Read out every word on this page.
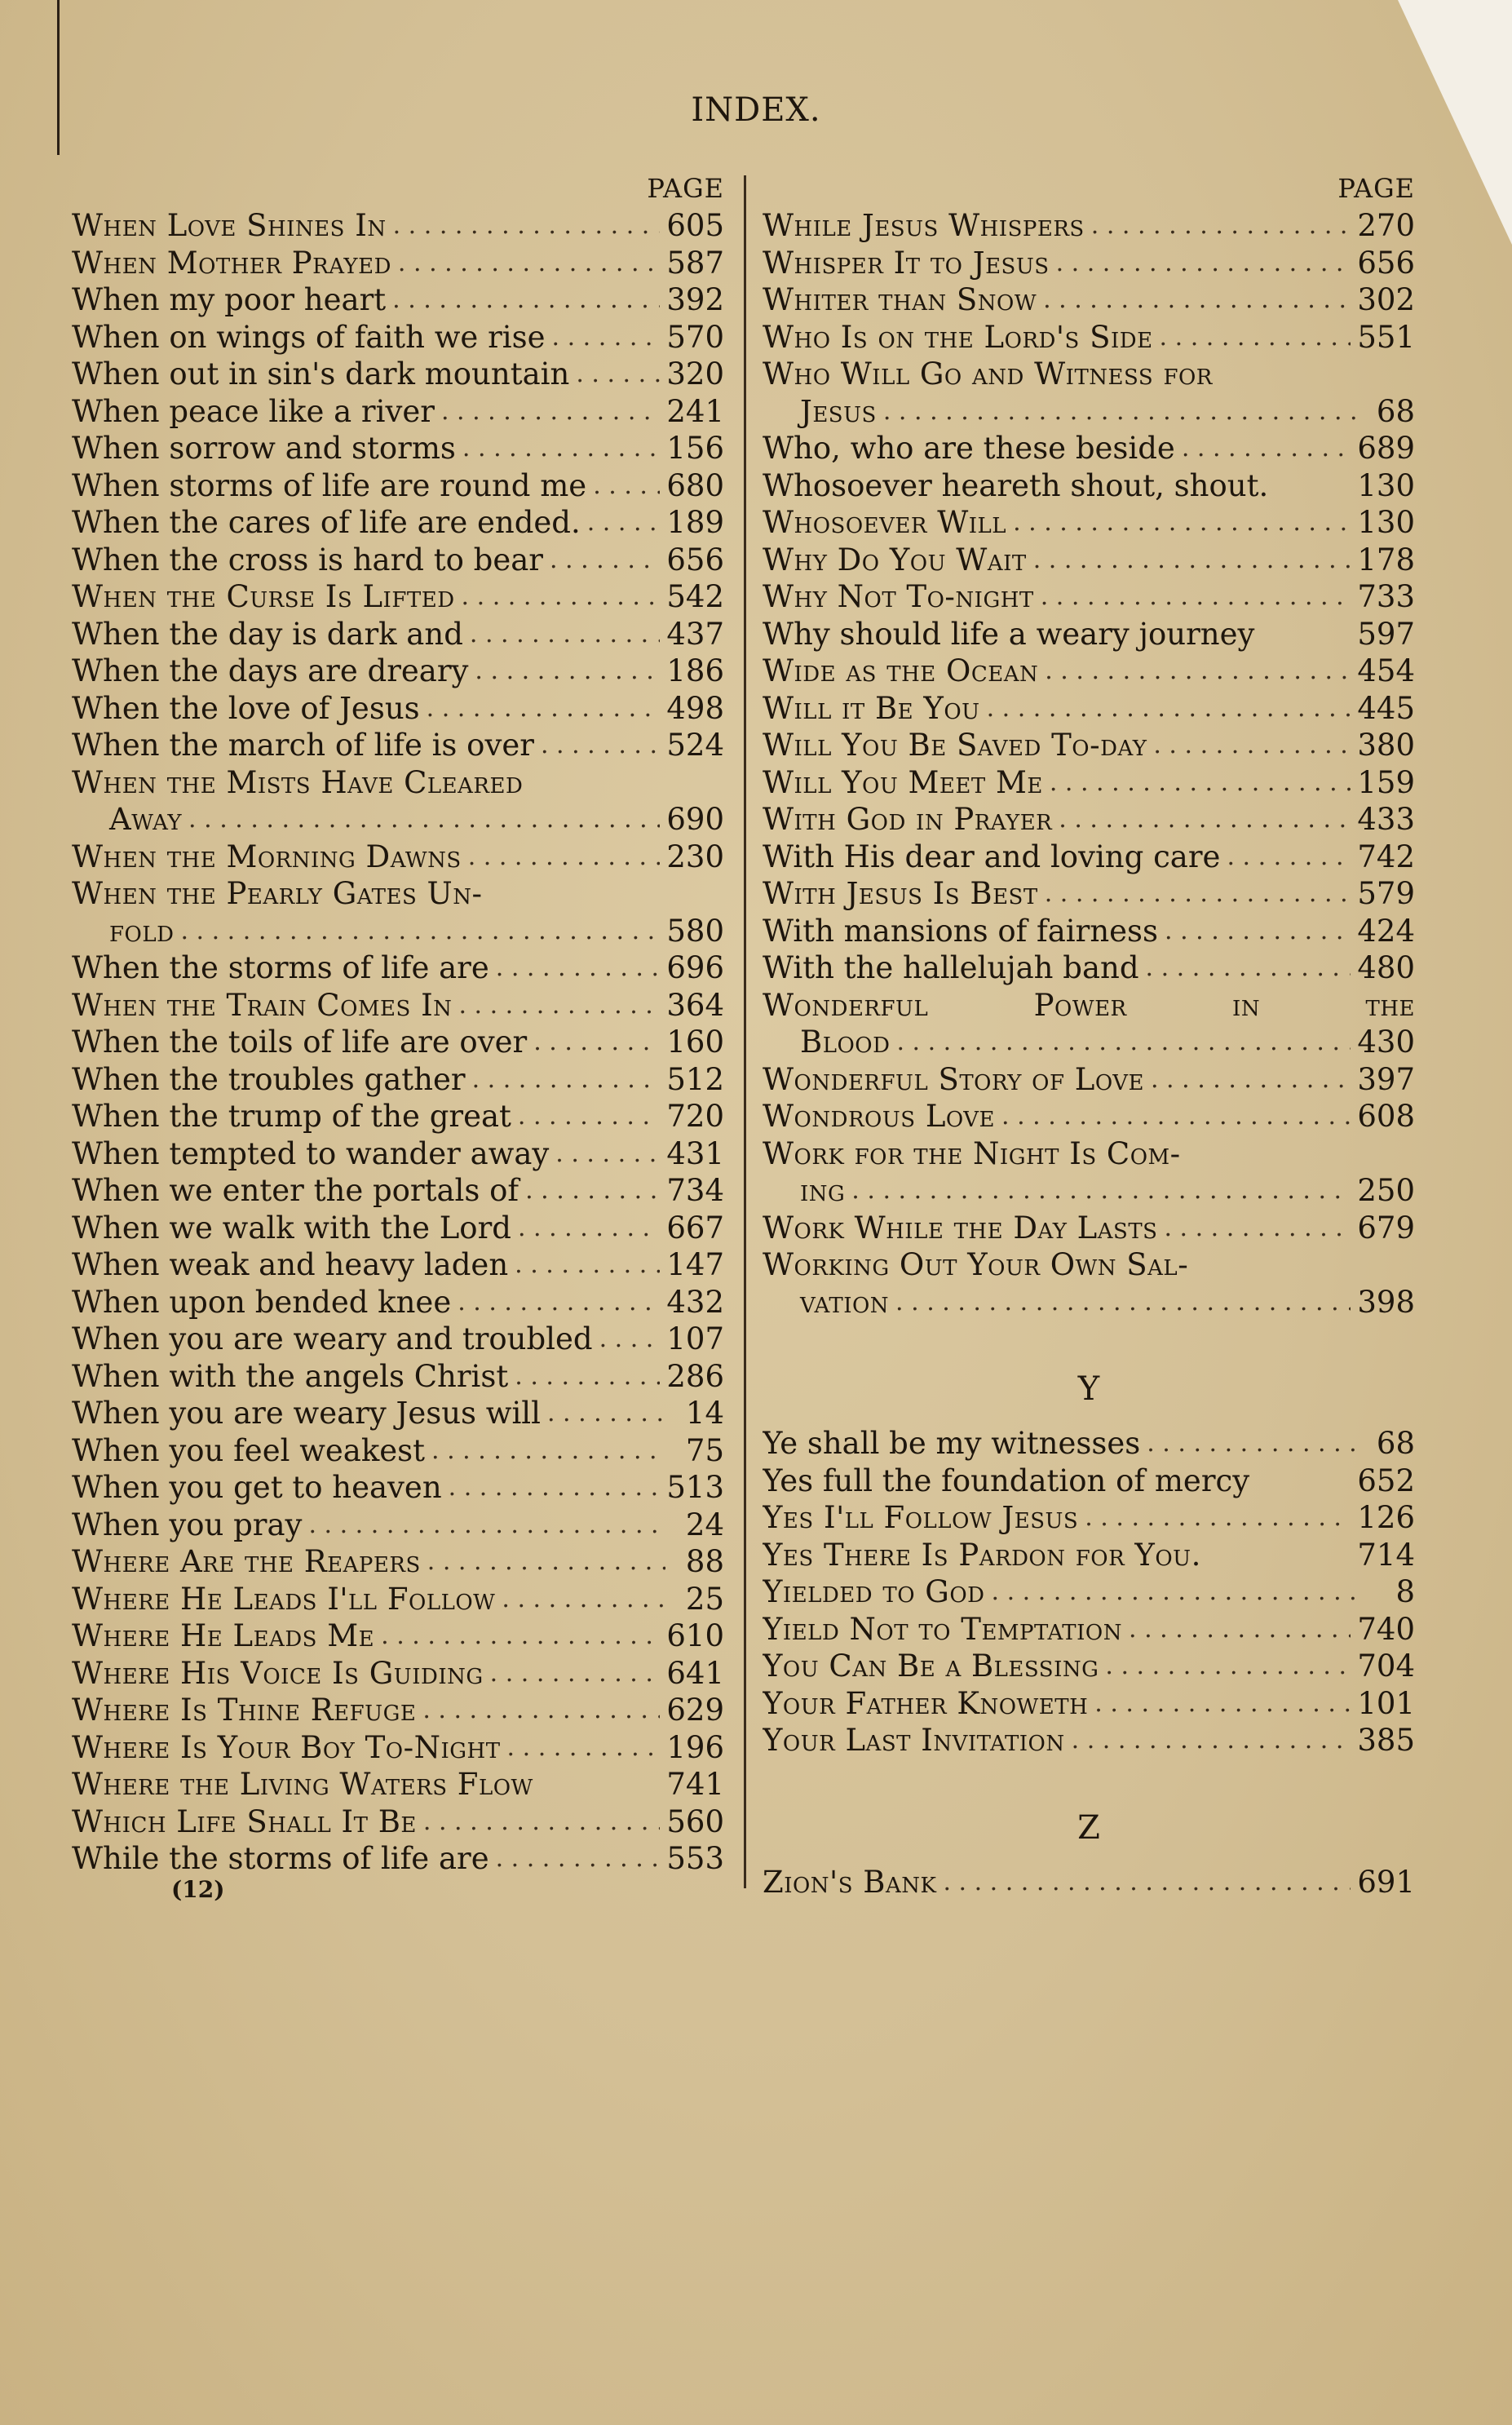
INDEX.
PAGE
When Love Shines In . . .	605
When Mother Prayed . . .	587
When my poor heart . . .	392
When on wings of faith we rise . . .	570
When out in sin's dark mountain . . .	320
When peace like a river . . .	241
When sorrow and storms . . .	156
When storms of life are round me . . .	680
When the cares of life are ended. . . .	189
When the cross is hard to bear . . .	656
When the Curse Is Lifted . . .	542
When the day is dark and . . .	437
When the days are dreary . . .	186
When the love of Jesus . . .	498
When the march of life is over . . .	524
When the Mists Have Cleared
Away . . .	690
When the Morning Dawns . . .	230
When the Pearly Gates Un-
fold . . .	580
When the storms of life are . . .	696
When the Train Comes In . . .	364
When the toils of life are over . . .	160
When the troubles gather . . .	512
When the trump of the great . . .	720
When tempted to wander away . . .	431
When we enter the portals of . . .	734
When we walk with the Lord . . .	667
When weak and heavy laden . . .	147
When upon bended knee . . .	432
When you are weary and troubled . . . 107
When with the angels Christ . . .	286
When you are weary Jesus will . . .	14
When you feel weakest . . .	75
When you get to heaven . . .	513
When you pray . . .	24
Where Are the Reapers . . .	88
Where He Leads I'll Follow . . .	25
Where He Leads Me . . .	610
Where His Voice Is Guiding . . .	641
Where Is Thine Refuge . . .	629
Where Is Your Boy To-Night . . .	196
Where the Living Waters Flow	741
Which Life Shall It Be . . .	560
While the storms of life are . . .	553
PAGE
While Jesus Whispers . . .	270
Whisper It to Jesus . . .	656
Whiter than Snow . . .	302
Who Is on the Lord's Side . . .	551
Who Will Go and Witness for
Jesus . . .	68
Who, who are these beside . . .	689
Whosoever heareth shout, shout.	130
Whosoever Will . . .	130
Why Do You Wait . . .	178
Why Not To-night . . .	733
Why should life a weary journey	597
Wide as the Ocean . . .	454
Will it Be You . . .	445
Will You Be Saved To-day . . .	380
Will You Meet Me . . .	159
With God in Prayer . . .	433
With His dear and loving care . . .	742
With Jesus Is Best . . .	579
With mansions of fairness . . .	424
With the hallelujah band . . .	480
Wonderful Power in the
Blood . . .	430
Wonderful Story of Love . . .	397
Wondrous Love . . .	608
Work for the Night Is Com-
ing . . .	250
Work While the Day Lasts . . .	679
Working Out Your Own Sal-
vation . . .	398
Y
Ye shall be my witnesses . . .	68
Yes full the foundation of mercy	652
Yes I'll Follow Jesus . . .	126
Yes There Is Pardon for You.	714
Yielded to God . . .	8
Yield Not to Temptation . . .	740
You Can Be a Blessing . . .	704
Your Father Knoweth . . .	101
Your Last Invitation . . .	385
Z
Zion's Bank . . .	691
(12)
